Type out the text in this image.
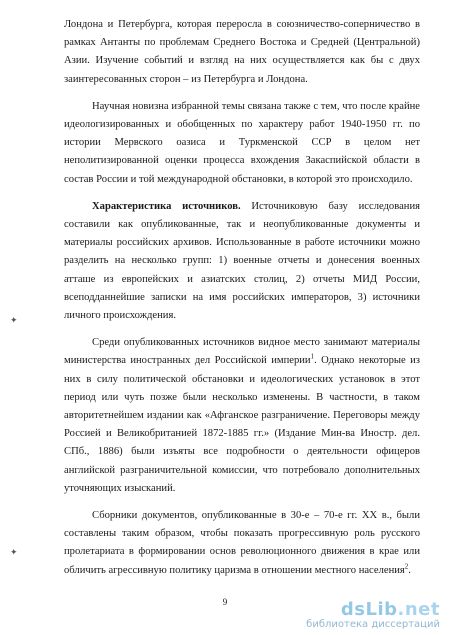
✦
✦

Лондона и Петербурга, которая переросла в союзничество-соперничество в рамках Антанты по проблемам Среднего Востока и Средней (Центральной) Азии. Изучение событий и взгляд на них осуществляется как бы с двух заинтересованных сторон – из Петербурга и Лондона.

Научная новизна избранной темы связана также с тем, что после крайне идеологизированных и обобщенных по характеру работ 1940-1950 гг. по истории Мервского оазиса и Туркменской ССР в целом нет неполитизированной оценки процесса вхождения Закаспийской области в состав России и той международной обстановки, в которой это происходило.

Характеристика источников. Источниковую базу исследования составили как опубликованные, так и неопубликованные документы и материалы российских архивов. Использованные в работе источники можно разделить на несколько групп: 1) военные отчеты и донесения военных атташе из европейских и азиатских столиц, 2) отчеты МИД России, всеподданнейшие записки на имя российских императоров, 3) источники личного происхождения.

Среди опубликованных источников видное место занимают материалы министерства иностранных дел Российской империи$^1$. Однако некоторые из них в силу политической обстановки и идеологических установок в этот период или чуть позже были несколько изменены. В частности, в таком авторитетнейшем издании как «Афганское разграничение. Переговоры между Россией и Великобританией 1872-1885 гг.» (Издание Мин-ва Иностр. дел. СПб., 1886) были изъяты все подробности о деятельности офицеров английской разграничительной комиссии, что потребовало дополнительных уточняющих изысканий.

Сборники документов, опубликованные в 30-е – 70-е гг. XX в., были составлены таким образом, чтобы показать прогрессивную роль русского пролетариата в формировании основ революционного движения в крае или обличить агрессивную политику царизма в отношении местного населения$^2$.

9	dsLib.net
библиотека диссертаций
